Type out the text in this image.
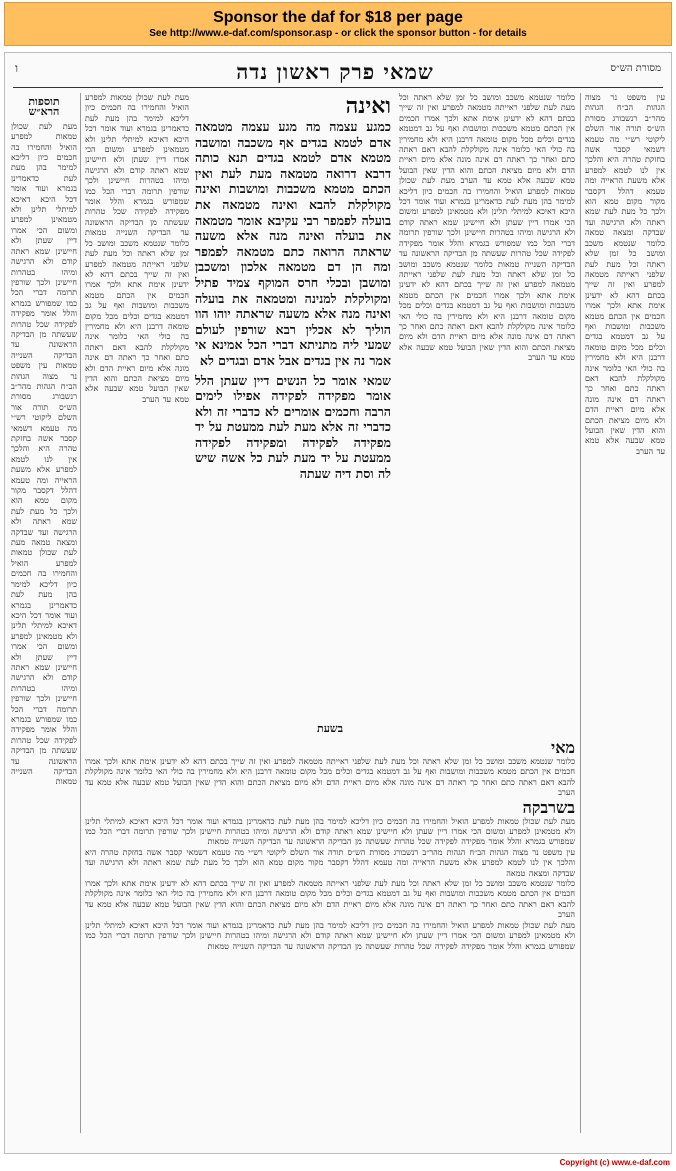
Sponsor the daf for $18 per page
See http://www.e-daf.com/sponsor.asp - or click the sponsor button - for details
מסורת הש״ס
שמאי פרק ראשון נדה
ו
עין משפט נר מצוה הגהות הב״ח הגהות מהר״ב רנשבורג מסורת הש״ס תורה אור השלם ליקוטי רש״י מה טעמא דשמאי קסבר אשה בחזקת טהרה היא והלכך אין לנו לטמא למפרע אלא משעת הראייה ומה טעמא דהלל דקסבר מקור מקום טמא הוא ולכך כל מעת לעת שמא ראתה ולא הרגישה ועד שבדקה ומצאה טמאה כלומר שנטמא משכב ומושב כל זמן שלא ראתה וכל מעת לעת שלפני ראייתה מטמאה למפרע ואין זה שייך בכתם דהא לא ידעינן אימת אתא ולכך אמרו חכמים אין הכתם מטמא משכבות ומושבות ואף על גב דמטמא בגדים וכלים מכל מקום טומאה דרבנן היא ולא מחמירין בה כולי האי כלומר אינה מקולקלת להבא דאם ראתה כתם ואחר כך ראתה דם אינה מונה אלא מיום ראיית הדם ולא מיום מציאת הכתם והוא הדין שאין הבועל טמא שבעה אלא טמא עד הערב
כלומר שנטמא משכב ומושב כל זמן שלא ראתה וכל מעת לעת שלפני ראייתה מטמאה למפרע ואין זה שייך בכתם דהא לא ידעינן אימת אתא ולכך אמרו חכמים אין הכתם מטמא משכבות ומושבות ואף על גב דמטמא בגדים וכלים מכל מקום טומאה דרבנן היא ולא מחמירין בה כולי האי כלומר אינה מקולקלת להבא דאם ראתה כתם ואחר כך ראתה דם אינה מונה אלא מיום ראיית הדם ולא מיום מציאת הכתם והוא הדין שאין הבועל טמא שבעה אלא טמא עד הערב מעת לעת שכולן טמאות למפרע הואיל והחמירו בה חכמים כיון דליכא למימר בהן מעת לעת כדאמרינן בגמרא ועוד אומר דכל היכא דאיכא למיתלי תלינן ולא מטמאינן למפרע ומשום הכי אמרו דיין שעתן ולא חיישינן שמא ראתה קודם ולא הרגישה ומיהו בטהרות חיישינן ולכך שורפין תרומה דברי הכל כמו שמפורש בגמרא והלל אומר מפקידה לפקידה שכל טהרות שעשתה מן הבדיקה הראשונה עד הבדיקה השנייה טמאות כלומר שנטמא משכב ומושב כל זמן שלא ראתה וכל מעת לעת שלפני ראייתה מטמאה למפרע ואין זה שייך בכתם דהא לא ידעינן אימת אתא ולכך אמרו חכמים אין הכתם מטמא משכבות ומושבות ואף על גב דמטמא בגדים וכלים מכל מקום טומאה דרבנן היא ולא מחמירין בה כולי האי כלומר אינה מקולקלת להבא דאם ראתה כתם ואחר כך ראתה דם אינה מונה אלא מיום ראיית הדם ולא מיום מציאת הכתם והוא הדין שאין הבועל טמא שבעה אלא טמא עד הערב
ואינה
כמגע עצמה מה מגע עצמה מטמאה אדם לטמא בגדים אף משכבה ומושבה מטמא אדם לטמא בגדים תנא כותה דרבא דרואה מטמאה מעת לעת ואין הכתם מטמא משכבות ומושבות ואינה מקולקלת להבא ואינה מטמאה את בועלה לפמפר רבי עקיבא אומר מטמאה את בועלה ואינה מנה אלא משעה שראתה הרואה כתם מטמאה לפמפר ומה הן דם מטמאה אלכון ומשכבן ומושבן ובכלי חרס המוקף צמיד פתיל ומקולקלת למנינה ומטמאה את בועלה ואינה מנה אלא משעה שראתה יוהו הוו הוליך לא אכלין רבא שורפין לעולם שמעי ליה מתניתא דברי הכל אמינא אי אמר נה אין בגדים אבל אדם ובגדים לא
שמאי אומר כל הנשים דיין שעתן הלל אומר מפקידה לפקידה אפילו לימים הרבה וחכמים אומרים לא כדברי זה ולא כדברי זה אלא מעת לעת ממעטת על יד מפקידה לפקידה ומפקידה לפקידה ממעטת על יד מעת לעת כל אשה שיש לה וסת דיה שעתה
מעת לעת שכולן טמאות למפרע הואיל והחמירו בה חכמים כיון דליכא למימר בהן מעת לעת כדאמרינן בגמרא ועוד אומר דכל היכא דאיכא למיתלי תלינן ולא מטמאינן למפרע ומשום הכי אמרו דיין שעתן ולא חיישינן שמא ראתה קודם ולא הרגישה ומיהו בטהרות חיישינן ולכך שורפין תרומה דברי הכל כמו שמפורש בגמרא והלל אומר מפקידה לפקידה שכל טהרות שעשתה מן הבדיקה הראשונה עד הבדיקה השנייה טמאות כלומר שנטמא משכב ומושב כל זמן שלא ראתה וכל מעת לעת שלפני ראייתה מטמאה למפרע ואין זה שייך בכתם דהא לא ידעינן אימת אתא ולכך אמרו חכמים אין הכתם מטמא משכבות ומושבות ואף על גב דמטמא בגדים וכלים מכל מקום טומאה דרבנן היא ולא מחמירין בה כולי האי כלומר אינה מקולקלת להבא דאם ראתה כתם ואחר כך ראתה דם אינה מונה אלא מיום ראיית הדם ולא מיום מציאת הכתם והוא הדין שאין הבועל טמא שבעה אלא טמא עד הערב
תוספות הרא״ש
מעת לעת שכולן טמאות למפרע הואיל והחמירו בה חכמים כיון דליכא למימר בהן מעת לעת כדאמרינן בגמרא ועוד אומר דכל היכא דאיכא למיתלי תלינן ולא מטמאינן למפרע ומשום הכי אמרו דיין שעתן ולא חיישינן שמא ראתה קודם ולא הרגישה ומיהו בטהרות חיישינן ולכך שורפין תרומה דברי הכל כמו שמפורש בגמרא והלל אומר מפקידה לפקידה שכל טהרות שעשתה מן הבדיקה הראשונה עד הבדיקה השנייה טמאות עין משפט נר מצוה הגהות הב״ח הגהות מהר״ב רנשבורג מסורת הש״ס תורה אור השלם ליקוטי רש״י מה טעמא דשמאי קסבר אשה בחזקת טהרה היא והלכך אין לנו לטמא למפרע אלא משעת הראייה ומה טעמא דהלל דקסבר מקור מקום טמא הוא ולכך כל מעת לעת שמא ראתה ולא הרגישה ועד שבדקה ומצאה טמאה מעת לעת שכולן טמאות למפרע הואיל והחמירו בה חכמים כיון דליכא למימר בהן מעת לעת כדאמרינן בגמרא ועוד אומר דכל היכא דאיכא למיתלי תלינן ולא מטמאינן למפרע ומשום הכי אמרו דיין שעתן ולא חיישינן שמא ראתה קודם ולא הרגישה ומיהו בטהרות חיישינן ולכך שורפין תרומה דברי הכל כמו שמפורש בגמרא והלל אומר מפקידה לפקידה שכל טהרות שעשתה מן הבדיקה הראשונה עד הבדיקה השנייה טמאות
בשעת
מאי
כלומר שנטמא משכב ומושב כל זמן שלא ראתה וכל מעת לעת שלפני ראייתה מטמאה למפרע ואין זה שייך בכתם דהא לא ידעינן אימת אתא ולכך אמרו חכמים אין הכתם מטמא משכבות ומושבות ואף על גב דמטמא בגדים וכלים מכל מקום טומאה דרבנן היא ולא מחמירין בה כולי האי כלומר אינה מקולקלת להבא דאם ראתה כתם ואחר כך ראתה דם אינה מונה אלא מיום ראיית הדם ולא מיום מציאת הכתם והוא הדין שאין הבועל טמא שבעה אלא טמא עד הערב
בשרבקה
מעת לעת שכולן טמאות למפרע הואיל והחמירו בה חכמים כיון דליכא למימר בהן מעת לעת כדאמרינן בגמרא ועוד אומר דכל היכא דאיכא למיתלי תלינן ולא מטמאינן למפרע ומשום הכי אמרו דיין שעתן ולא חיישינן שמא ראתה קודם ולא הרגישה ומיהו בטהרות חיישינן ולכך שורפין תרומה דברי הכל כמו שמפורש בגמרא והלל אומר מפקידה לפקידה שכל טהרות שעשתה מן הבדיקה הראשונה עד הבדיקה השנייה טמאות
עין משפט נר מצוה הגהות הב״ח הגהות מהר״ב רנשבורג מסורת הש״ס תורה אור השלם ליקוטי רש״י מה טעמא דשמאי קסבר אשה בחזקת טהרה היא והלכך אין לנו לטמא למפרע אלא משעת הראייה ומה טעמא דהלל דקסבר מקור מקום טמא הוא ולכך כל מעת לעת שמא ראתה ולא הרגישה ועד שבדקה ומצאה טמאה
כלומר שנטמא משכב ומושב כל זמן שלא ראתה וכל מעת לעת שלפני ראייתה מטמאה למפרע ואין זה שייך בכתם דהא לא ידעינן אימת אתא ולכך אמרו חכמים אין הכתם מטמא משכבות ומושבות ואף על גב דמטמא בגדים וכלים מכל מקום טומאה דרבנן היא ולא מחמירין בה כולי האי כלומר אינה מקולקלת להבא דאם ראתה כתם ואחר כך ראתה דם אינה מונה אלא מיום ראיית הדם ולא מיום מציאת הכתם והוא הדין שאין הבועל טמא שבעה אלא טמא עד הערב
מעת לעת שכולן טמאות למפרע הואיל והחמירו בה חכמים כיון דליכא למימר בהן מעת לעת כדאמרינן בגמרא ועוד אומר דכל היכא דאיכא למיתלי תלינן ולא מטמאינן למפרע ומשום הכי אמרו דיין שעתן ולא חיישינן שמא ראתה קודם ולא הרגישה ומיהו בטהרות חיישינן ולכך שורפין תרומה דברי הכל כמו שמפורש בגמרא והלל אומר מפקידה לפקידה שכל טהרות שעשתה מן הבדיקה הראשונה עד הבדיקה השנייה טמאות
Copyright (c) www.e-daf.com
